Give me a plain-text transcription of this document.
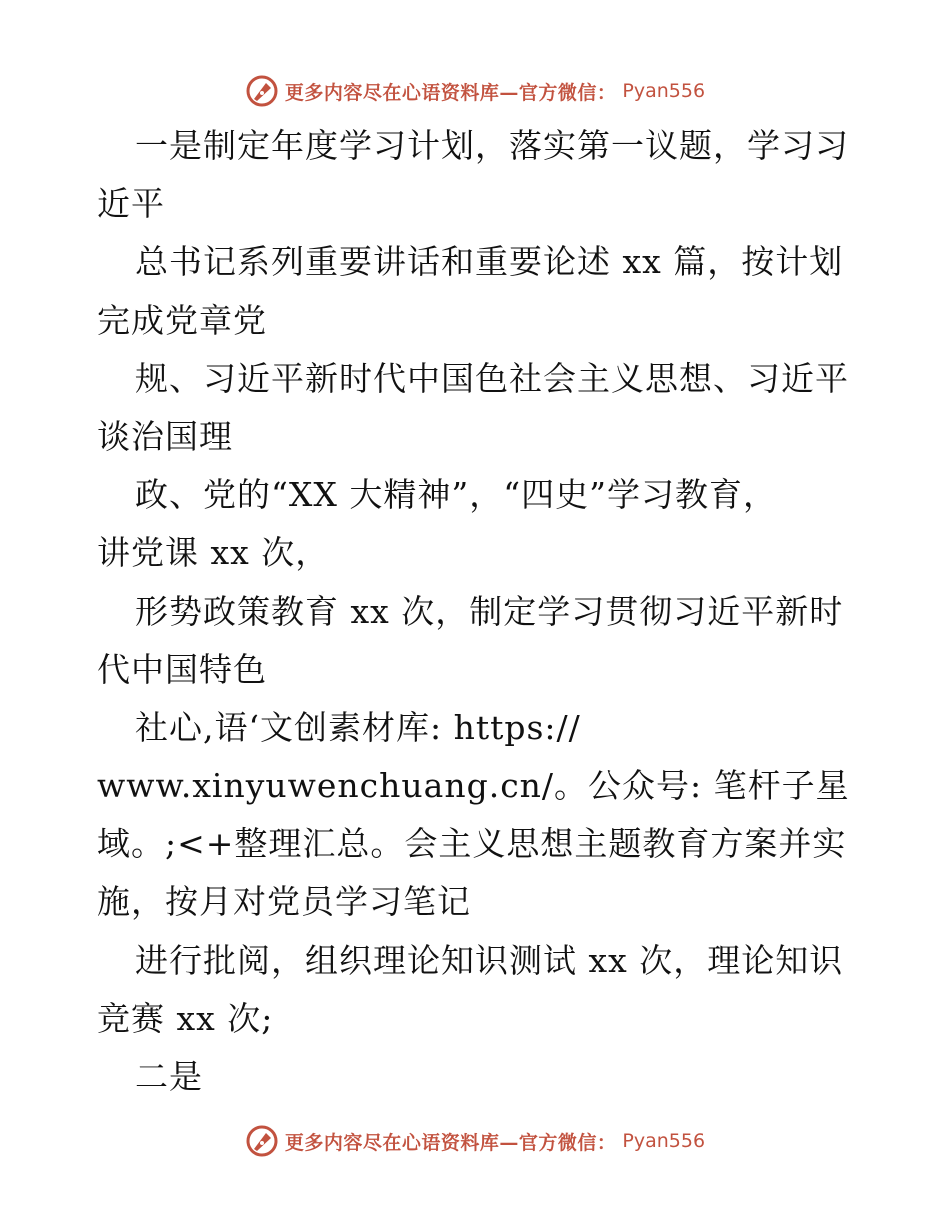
更多内容尽在心语资料库—官方微信： Pyan556
一是制定年度学习计划，落实第一议题，学习习
近平
总书记系列重要讲话和重要论述 xx 篇，按计划
完成党章党
规、习近平新时代中国色社会主义思想、习近平
谈治国理
政、党的“XX 大精神”，“四史”学习教育，
讲党课 xx 次，
形势政策教育 xx 次，制定学习贯彻习近平新时
代中国特色
社心,语‘文创素材库: https://
www.xinyuwenchuang.cn/。公众号: 笔杆子星
域。;<+整理汇总。会主义思想主题教育方案并实
施，按月对党员学习笔记
进行批阅，组织理论知识测试 xx 次，理论知识
竞赛 xx 次;
二是
更多内容尽在心语资料库—官方微信： Pyan556
